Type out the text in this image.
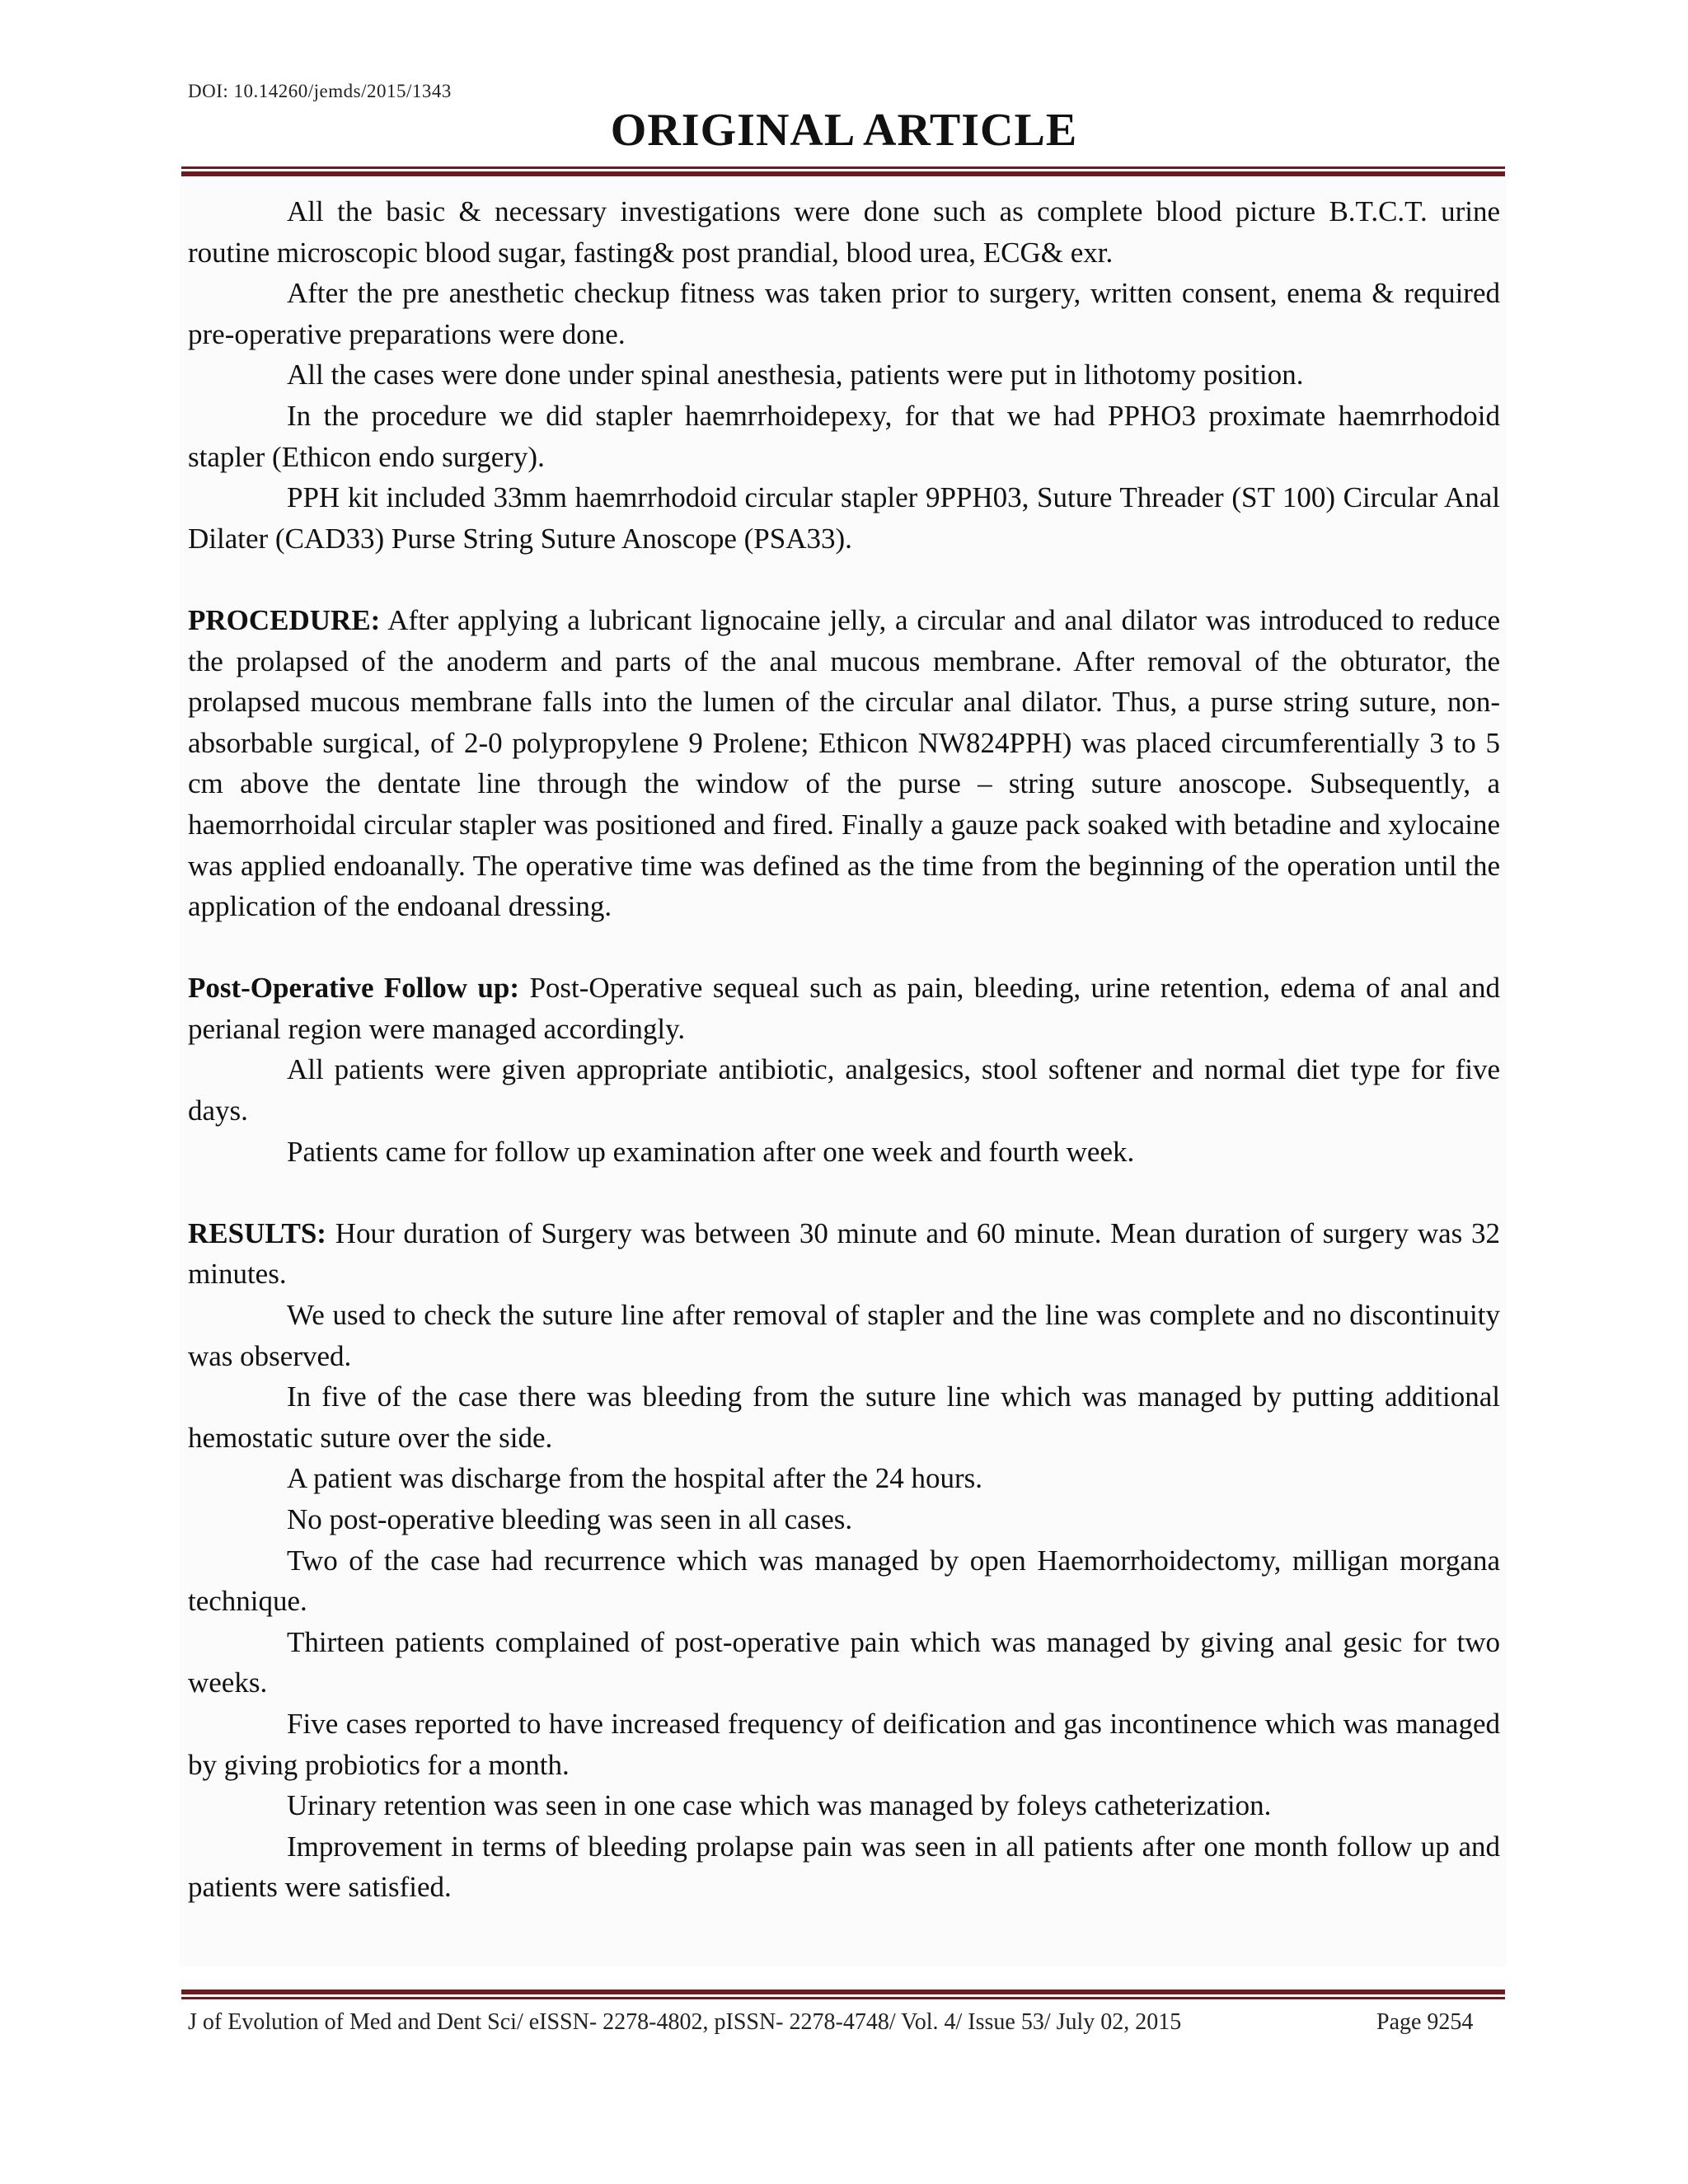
DOI: 10.14260/jemds/2015/1343
ORIGINAL ARTICLE

All the basic & necessary investigations were done such as complete blood picture B.T.C.T. urine routine microscopic blood sugar, fasting& post prandial, blood urea, ECG& exr.

After the pre anesthetic checkup fitness was taken prior to surgery, written consent, enema & required pre-operative preparations were done.

All the cases were done under spinal anesthesia, patients were put in lithotomy position.

In the procedure we did stapler haemrrhoidepexy, for that we had PPHO3 proximate haemrrhodoid stapler (Ethicon endo surgery).

PPH kit included 33mm haemrrhodoid circular stapler 9PPH03, Suture Threader (ST 100) Circular Anal Dilater (CAD33) Purse String Suture Anoscope (PSA33).

PROCEDURE: After applying a lubricant lignocaine jelly, a circular and anal dilator was introduced to reduce the prolapsed of the anoderm and parts of the anal mucous membrane. After removal of the obturator, the prolapsed mucous membrane falls into the lumen of the circular anal dilator. Thus, a purse string suture, non-absorbable surgical, of 2-0 polypropylene 9 Prolene; Ethicon NW824PPH) was placed circumferentially 3 to 5 cm above the dentate line through the window of the purse – string suture anoscope. Subsequently, a haemorrhoidal circular stapler was positioned and fired. Finally a gauze pack soaked with betadine and xylocaine was applied endoanally. The operative time was defined as the time from the beginning of the operation until the application of the endoanal dressing.

Post-Operative Follow up: Post-Operative sequeal such as pain, bleeding, urine retention, edema of anal and perianal region were managed accordingly.

All patients were given appropriate antibiotic, analgesics, stool softener and normal diet type for five days.

Patients came for follow up examination after one week and fourth week.

RESULTS: Hour duration of Surgery was between 30 minute and 60 minute. Mean duration of surgery was 32 minutes.

We used to check the suture line after removal of stapler and the line was complete and no discontinuity was observed.

In five of the case there was bleeding from the suture line which was managed by putting additional hemostatic suture over the side.

A patient was discharge from the hospital after the 24 hours.

No post-operative bleeding was seen in all cases.

Two of the case had recurrence which was managed by open Haemorrhoidectomy, milligan morgana technique.

Thirteen patients complained of post-operative pain which was managed by giving anal gesic for two weeks.

Five cases reported to have increased frequency of deification and gas incontinence which was managed by giving probiotics for a month.

Urinary retention was seen in one case which was managed by foleys catheterization.

Improvement in terms of bleeding prolapse pain was seen in all patients after one month follow up and patients were satisfied.

J of Evolution of Med and Dent Sci/ eISSN- 2278-4802, pISSN- 2278-4748/ Vol. 4/ Issue 53/ July 02, 2015	Page 9254
